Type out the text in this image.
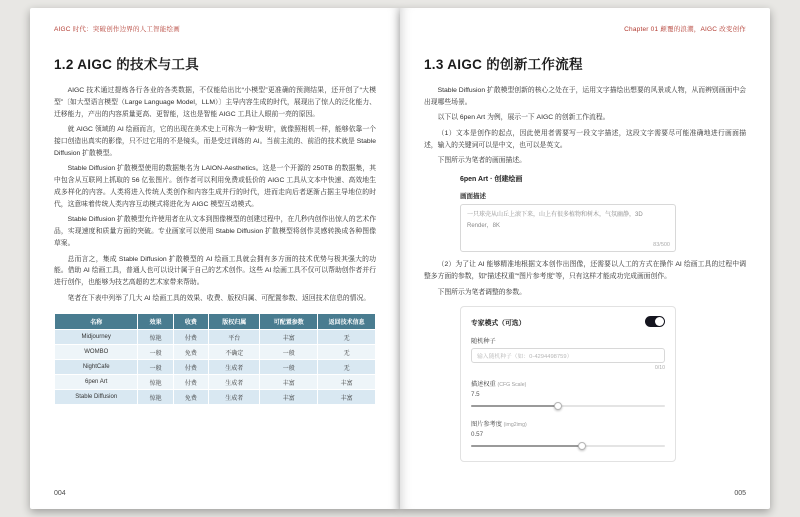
AIGC 时代：突破创作边界的人工智能绘画
1.2 AIGC 的技术与工具

AIGC 技术通过提炼各行各业的各类数据，不仅能给出比“小模型”更准确的预测结果，还开创了“大模型”〔如大型语言模型（Large Language Model，LLM）〕主导内容生成的时代，展现出了惊人的泛化能力、迁移能力，产出的内容质量更高、更智能，这也是智能 AIGC 工具让人眼前一亮的原因。

就 AIGC 领域的 AI 绘画而言，它的出现在美术史上可称为一种“发明”，就像照相机一样，能够依靠一个接口创造出真实的影像，只不过它用的不是镜头，而是受过训练的 AI。当前主流的、前沿的技术就是 Stable Diffusion 扩散模型。

Stable Diffusion 扩散模型使用的数据集名为 LAION-Aesthetics。这是一个开源的 250TB 的数据集，其中包含从互联网上抓取的 56 亿张图片。创作者可以利用免费或低价的 AIGC 工具从文本中快速、高效地生成多样化的内容。人类将进入传统人类创作和内容生成并行的时代，进而走向后者逐渐占据主导地位的时代，这意味着传统人类内容互动模式将进化为 AIGC 模型互动模式。

Stable Diffusion 扩散模型允许使用者在从文本到图像模型的创建过程中，在几秒内创作出惊人的艺术作品，实现速度和质量方面的突破。专业画家可以使用 Stable Diffusion 扩散模型将创作灵感转换成各种图像草案。

总而言之，集成 Stable Diffusion 扩散模型的 AI 绘画工具就会拥有多方面的技术优势与极其强大的功能。借助 AI 绘画工具，普通人也可以设计属于自己的艺术创作。这些 AI 绘画工具不仅可以帮助创作者并行进行创作，也能够为技艺高超的艺术家带来帮助。

笔者在下表中列举了几大 AI 绘画工具的效果、收费、版权归属、可配置参数、返回技术信息的情况。

名称	效果	收费	版权归属	可配置参数	返回技术信息
Midjourney	惊艳	付费	平台	丰富	无
WOMBO	一般	免费	不确定	一般	无
NightCafe	一般	付费	生成者	一般	无
6pen Art	惊艳	付费	生成者	丰富	丰富
Stable Diffusion	惊艳	免费	生成者	丰富	丰富
004
Chapter 01 颠覆的浪潮，AIGC 改变创作
1.3 AIGC 的创新工作流程

Stable Diffusion 扩散模型创新的核心之处在于，运用文字描绘出想要的风景或人物，从而辨别画面中会出现哪些场景。

以下以 6pen Art 为例，展示一下 AIGC 的创新工作流程。

（1）文本是创作的起点，因此使用者需要写一段文字描述，这段文字需要尽可能准确地进行画面描述，输入的关键词可以是中文，也可以是英文。

下图所示为笔者的画面描述。

6pen Art · 创建绘画
画面描述
一只球壳从山丘上滚下来，山上有很多植物和树木，气氛幽静，3D Render，8K
83/500

（2）为了让 AI 能够精准地根据文本创作出图像，还需要以人工的方式在操作 AI 绘画工具的过程中调整多方面的参数，如“描述权重”“图片参考度”等，只有这样才能成功完成画面创作。

下图所示为笔者调整的参数。

专家模式（可选）
随机种子
输入随机种子（如：0-4294498759）
0/10
描述权重 (CFG Scale)
7.5
图片参考度 (img2img)
0.57
005
